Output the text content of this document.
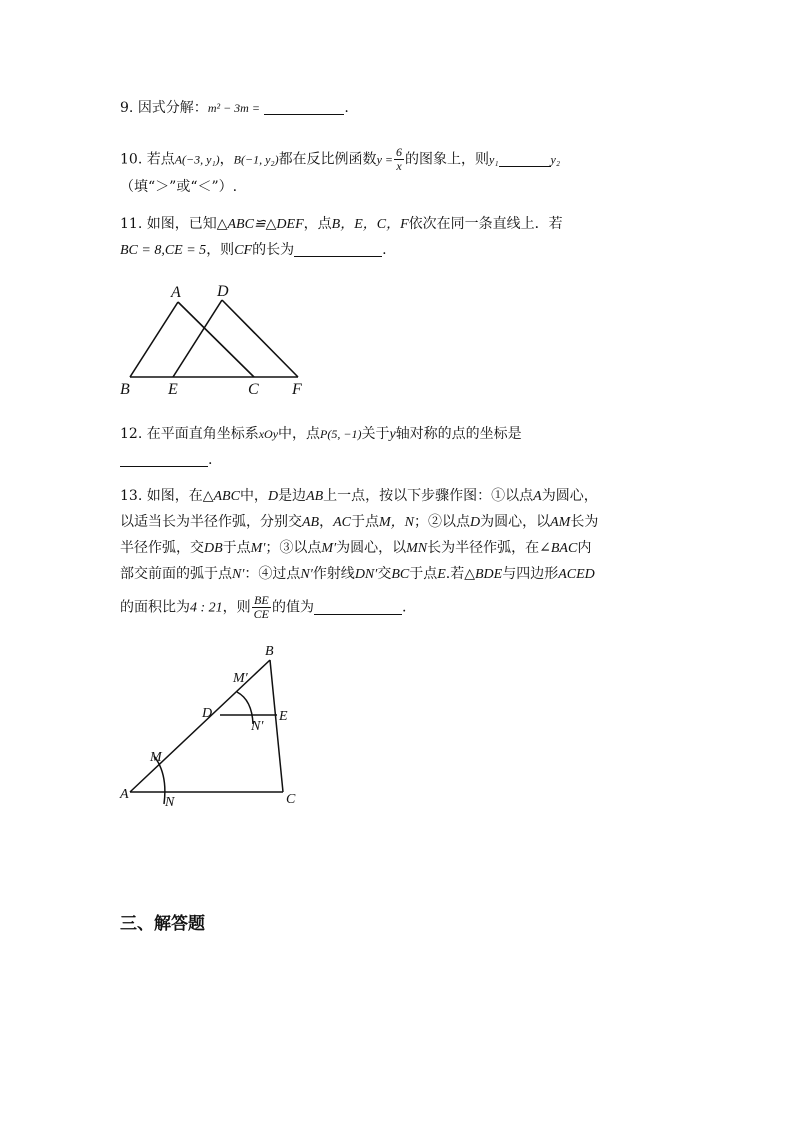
9. 因式分解：m² − 3m =	.
10. 若点A(−3, y₁)，B(−1, y₂)都在反比例函数$y = \frac{6}{x}$ 的图象上，则y₁	y₂
（填“＞”或“＜”）.
11. 如图，已知△ABC≌△DEF，点B，E，C，F依次在同一条直线上．若
BC = 8,CE = 5，则CF的长为	.
A D
B E	C F
12. 在平面直角坐标系xOy中，点P(5, −1)关于y轴对称的点的坐标是
.
13. 如图，在△ABC中，D是边AB上一点，按以下步骤作图：①以点A为圆心，
以适当长为半径作弧，分别交AB，AC于点M，N；②以点D为圆心，以AM长为
半径作弧，交DB于点M′；③以点M′为圆心，以MN长为半径作弧，在∠BAC内
部交前面的弧于点N′：④过点N′作射线DN′交BC于点E.若△BDE与四边形ACED
的面积比为4 : 21，则 $\frac{BE}{CE}$ 的值为	.
B
M′
D	E
N′
M
A
N	C
三、解答题
